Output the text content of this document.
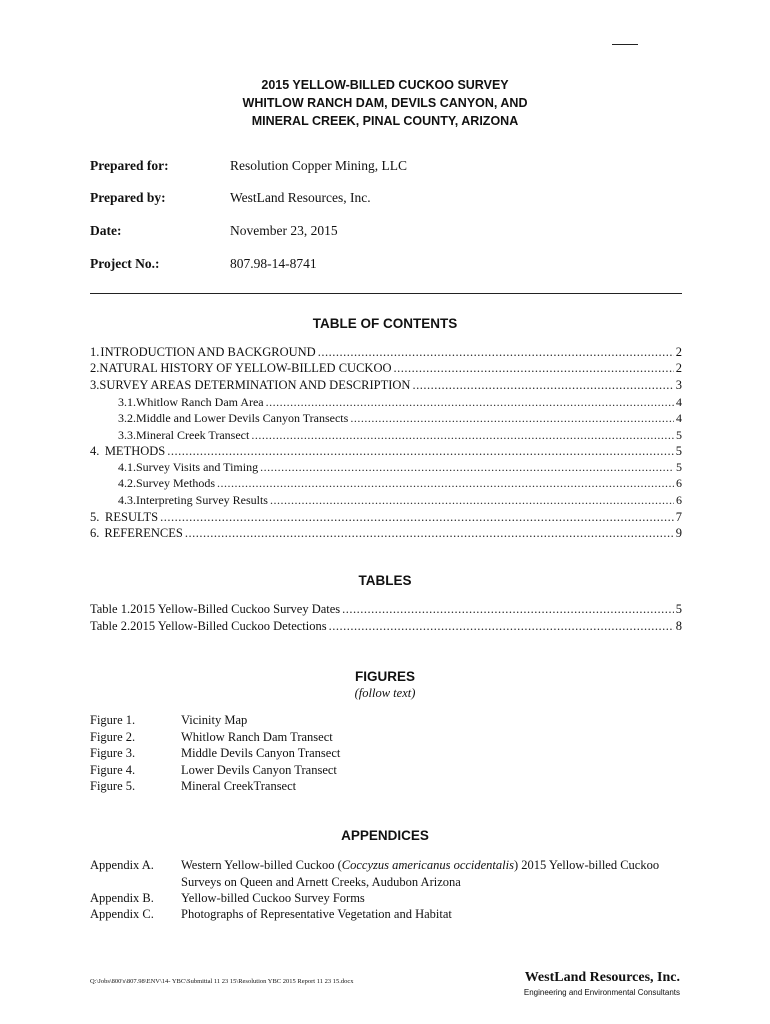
2015 YELLOW-BILLED CUCKOO SURVEY
WHITLOW RANCH DAM, DEVILS CANYON, AND
MINERAL CREEK, PINAL COUNTY, ARIZONA
Prepared for:	Resolution Copper Mining, LLC
Prepared by:	WestLand Resources, Inc.
Date:	November 23, 2015
Project No.:	807.98-14-8741
TABLE OF CONTENTS
1. INTRODUCTION AND BACKGROUND .....	2
2. NATURAL HISTORY OF YELLOW-BILLED CUCKOO .....	2
3. SURVEY AREAS DETERMINATION AND DESCRIPTION .....	3
3.1. Whitlow Ranch Dam Area .....	4
3.2. Middle and Lower Devils Canyon Transects .....	4
3.3. Mineral Creek Transect .....	5
4. METHODS .....	5
4.1. Survey Visits and Timing .....	5
4.2. Survey Methods .....	6
4.3. Interpreting Survey Results .....	6
5. RESULTS .....	7
6. REFERENCES .....	9
TABLES
Table 1. 2015 Yellow-Billed Cuckoo Survey Dates .....	5
Table 2. 2015 Yellow-Billed Cuckoo Detections .....	8
FIGURES
(follow text)
Figure 1.	Vicinity Map
Figure 2.	Whitlow Ranch Dam Transect
Figure 3.	Middle Devils Canyon Transect
Figure 4.	Lower Devils Canyon Transect
Figure 5.	Mineral CreekTransect
APPENDICES
Appendix A. Western Yellow-billed Cuckoo (Coccyzus americanus occidentalis) 2015 Yellow-billed Cuckoo Surveys on Queen and Arnett Creeks, Audubon Arizona
Appendix B. Yellow-billed Cuckoo Survey Forms
Appendix C. Photographs of Representative Vegetation and Habitat
Q:\Jobs\800's\807.98\ENV\14- YBC\Submittal 11 23 15\Resolution YBC 2015 Report 11 23 15.docx	WestLand Resources, Inc.
Engineering and Environmental Consultants
